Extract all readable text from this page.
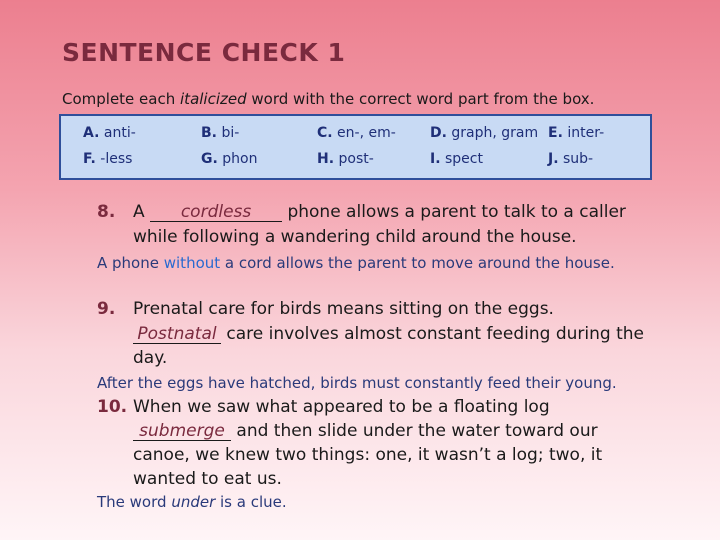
SENTENCE CHECK 1
Complete each italicized word with the correct word part from the box.
A. anti-	B. bi-	C. en-, em- D. graph, gram E. inter-
F. -less	G. phon	H. post-	I. spect	J. sub-
8. A cordless phone allows a parent to talk to a caller
while following a wandering child around the house.
A phone without a cord allows the parent to move around the house.
9. Prenatal care for birds means sitting on the eggs.
Postnatal care involves almost constant feeding during the
day.
After the eggs have hatched, birds must constantly feed their young.
10. When we saw what appeared to be a floating log
submerge and then slide under the water toward our
canoe, we knew two things: one, it wasn’t a log; two, it
wanted to eat us.
The word under is a clue.
